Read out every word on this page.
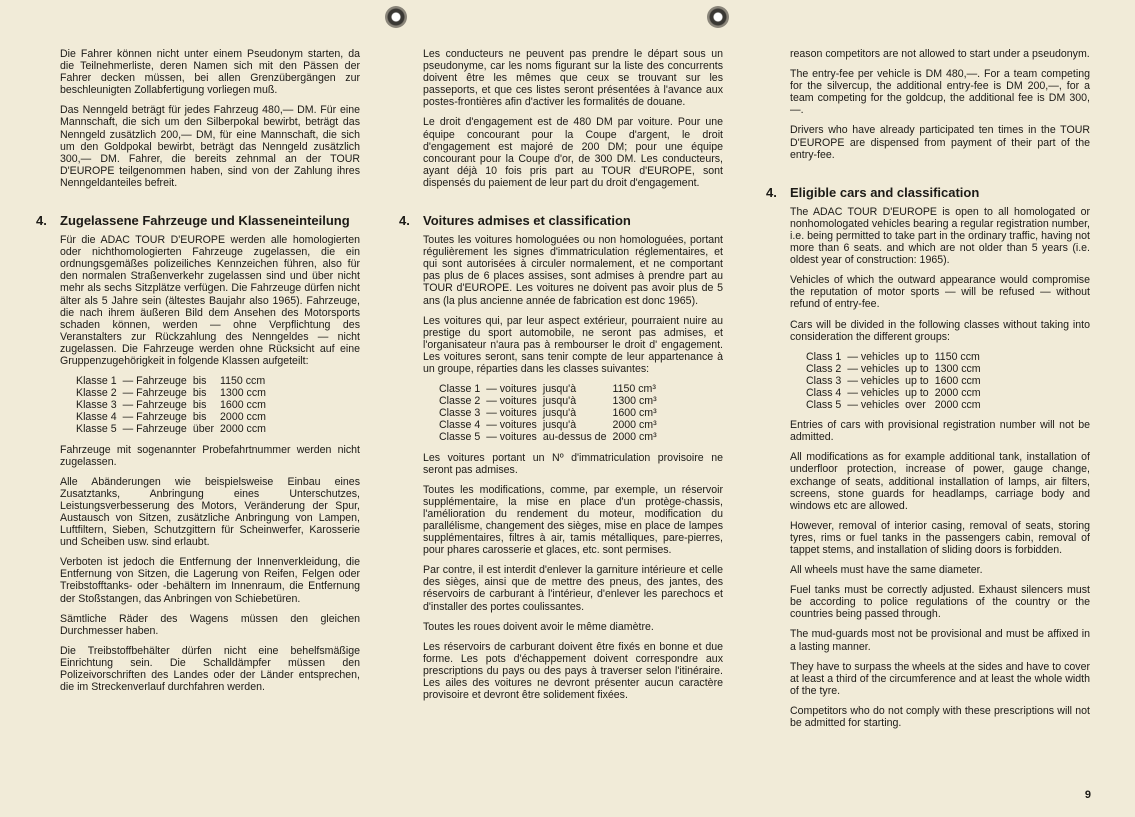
Die Fahrer können nicht unter einem Pseudonym starten, da die Teilnehmerliste, deren Namen sich mit den Pässen der Fahrer decken müssen, bei allen Grenzübergängen zur beschleunigten Zollabfertigung vorliegen muß.

Das Nenngeld beträgt für jedes Fahrzeug 480,— DM. Für eine Mannschaft, die sich um den Silberpokal bewirbt, beträgt das Nenngeld zusätzlich 200,— DM, für eine Mannschaft, die sich um den Goldpokal bewirbt, beträgt das Nenngeld zusätzlich 300,— DM. Fahrer, die bereits zehnmal an der TOUR D'EUROPE teilgenommen haben, sind von der Zahlung ihres Nenngeldanteiles befreit.

4. Zugelassene Fahrzeuge und Klasseneinteilung

Für die ADAC TOUR D'EUROPE werden alle homologierten oder nichthomologierten Fahrzeuge zugelassen, die ein ordnungsgemäßes polizeiliches Kennzeichen führen, also für den normalen Straßenverkehr zugelassen sind und über nicht mehr als sechs Sitzplätze verfügen. Die Fahrzeuge dürfen nicht älter als 5 Jahre sein (ältestes Baujahr also 1965). Fahrzeuge, die nach ihrem äußeren Bild dem Ansehen des Motorsports schaden können, werden — ohne Verpflichtung des Veranstalters zur Rückzahlung des Nenngeldes — nicht zugelassen. Die Fahrzeuge werden ohne Rücksicht auf eine Gruppenzugehörigkeit in folgende Klassen aufgeteilt:

Klasse 1 — Fahrzeuge bis	1150 ccm
Klasse 2 — Fahrzeuge bis	1300 ccm
Klasse 3 — Fahrzeuge bis	1600 ccm
Klasse 4 — Fahrzeuge bis	2000 ccm
Klasse 5 — Fahrzeuge über 2000 ccm

Fahrzeuge mit sogenannter Probefahrtnummer werden nicht zugelassen.

Alle Abänderungen wie beispielsweise Einbau eines Zusatztanks, Anbringung eines Unterschutzes, Leistungsverbesserung des Motors, Veränderung der Spur, Austausch von Sitzen, zusätzliche Anbringung von Lampen, Luftfiltern, Sieben, Schutzgittern für Scheinwerfer, Karosserie und Scheiben usw. sind erlaubt.

Verboten ist jedoch die Entfernung der Innenverkleidung, die Entfernung von Sitzen, die Lagerung von Reifen, Felgen oder Treibstofftanks- oder -behältern im Innenraum, die Entfernung der Stoßstangen, das Anbringen von Schiebetüren.

Sämtliche Räder des Wagens müssen den gleichen Durchmesser haben.

Die Treibstoffbehälter dürfen nicht eine behelfsmäßige Einrichtung sein. Die Schalldämpfer müssen den Polizeivorschriften des Landes oder der Länder entsprechen, die im Streckenverlauf durchfahren werden.

Les conducteurs ne peuvent pas prendre le départ sous un pseudonyme, car les noms figurant sur la liste des concurrents doivent être les mêmes que ceux se trouvant sur les passeports, et que ces listes seront présentées à l'avance aux postes-frontières afin d'activer les formalités de douane.

Le droit d'engagement est de 480 DM par voiture. Pour une équipe concourant pour la Coupe d'argent, le droit d'engagement est majoré de 200 DM; pour une équipe concourant pour la Coupe d'or, de 300 DM. Les conducteurs, ayant déjà 10 fois pris part au TOUR d'EUROPE, sont dispensés du paiement de leur part du droit d'engagement.

4. Voitures admises et classification

Toutes les voitures homologuées ou non homologuées, portant régulièrement les signes d'immatriculation réglementaires, et qui sont autorisées à circuler normalement, et ne comportant pas plus de 6 places assises, sont admises à prendre part au TOUR d'EUROPE. Les voitures ne doivent pas avoir plus de 5 ans (la plus ancienne année de fabrication est donc 1965).

Les voitures qui, par leur aspect extérieur, pourraient nuire au prestige du sport automobile, ne seront pas admises, et l'organisateur n'aura pas à rembourser le droit d' engagement. Les voitures seront, sans tenir compte de leur appartenance à un groupe, réparties dans les classes suivantes:

Classe 1 — voitures jusqu'à	1150 cm³
Classe 2 — voitures jusqu'à	1300 cm³
Classe 3 — voitures jusqu'à	1600 cm³
Classe 4 — voitures jusqu'à	2000 cm³
Classe 5 — voitures au-dessus de 2000 cm³

Les voitures portant un Nº d'immatriculation provisoire ne seront pas admises.

Toutes les modifications, comme, par exemple, un réservoir supplémentaire, la mise en place d'un protège-chassis, l'amélioration du rendement du moteur, modification du parallélisme, changement des sièges, mise en place de lampes supplémentaires, filtres à air, tamis métalliques, pare-pierres, pour phares carosserie et glaces, etc. sont permises.

Par contre, il est interdit d'enlever la garniture intérieure et celle des sièges, ainsi que de mettre des pneus, des jantes, des réservoirs de carburant à l'intérieur, d'enlever les parechocs et d'installer des portes coulissantes.

Toutes les roues doivent avoir le même diamètre.

Les réservoirs de carburant doivent être fixés en bonne et due forme. Les pots d'échappement doivent correspondre aux prescriptions du pays ou des pays à traverser selon l'itinéraire. Les ailes des voitures ne devront présenter aucun caractère provisoire et devront être solidement fixées.

reason competitors are not allowed to start under a pseudonym.

The entry-fee per vehicle is DM 480,—. For a team competing for the silvercup, the additional entry-fee is DM 200,—, for a team competing for the goldcup, the additional fee is DM 300,—.

Drivers who have already participated ten times in the TOUR D'EUROPE are dispensed from payment of their part of the entry-fee.

4. Eligible cars and classification

The ADAC TOUR D'EUROPE is open to all homologated or nonhomologated vehicles bearing a regular registration number, i.e. being permitted to take part in the ordinary traffic, having not more than 6 seats. and which are not older than 5 years (i.e. oldest year of construction: 1965).

Vehicles of which the outward appearance would compromise the reputation of motor sports — will be refused — without refund of entry-fee.

Cars will be divided in the following classes without taking into consideration the different groups:

Class 1 — vehicles up to 1150 ccm
Class 2 — vehicles up to 1300 ccm
Class 3 — vehicles up to 1600 ccm
Class 4 — vehicles up to 2000 ccm
Class 5 — vehicles over 2000 ccm

Entries of cars with provisional registration number will not be admitted.

All modifications as for example additional tank, installation of underfloor protection, increase of power, gauge change, exchange of seats, additional installation of lamps, air filters, screens, stone guards for headlamps, carriage body and windows etc are allowed.

However, removal of interior casing, removal of seats, storing tyres, rims or fuel tanks in the passengers cabin, removal of tappet stems, and installation of sliding doors is forbidden.

All wheels must have the same diameter.

Fuel tanks must be correctly adjusted. Exhaust silencers must be according to police regulations of the country or the countries being passed through.

The mud-guards most not be provisional and must be affixed in a lasting manner.

They have to surpass the wheels at the sides and have to cover at least a third of the circumference and at least the whole width of the tyre.

Competitors who do not comply with these prescriptions will not be admitted for starting.

9
